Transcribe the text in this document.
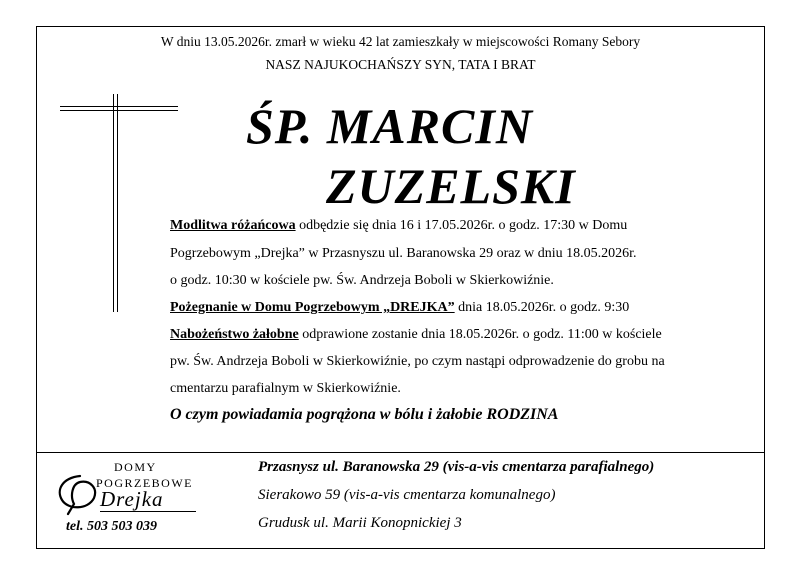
W dniu 13.05.2026r. zmarł w wieku 42 lat zamieszkały w miejscowości Romany Sebory
NASZ NAJUKOCHAŃSZY SYN, TATA I BRAT
ŚP. MARCIN
ZUZELSKI
Modlitwa różańcowa odbędzie się dnia 16 i 17.05.2026r. o godz. 17:30 w Domu
Pogrzebowym „Drejka” w Przasnyszu ul. Baranowska 29 oraz w dniu 18.05.2026r.
o godz. 10:30 w kościele pw. Św. Andrzeja Boboli w Skierkowiźnie.
Pożegnanie w Domu Pogrzebowym „DREJKA” dnia 18.05.2026r. o godz. 9:30
Nabożeństwo żałobne odprawione zostanie dnia 18.05.2026r. o godz. 11:00 w kościele
pw. Św. Andrzeja Boboli w Skierkowiźnie, po czym nastąpi odprowadzenie do grobu na
cmentarzu parafialnym w Skierkowiźnie.
O czym powiadamia pogrążona w bólu i żałobie RODZINA
DOMY
POGRZEBOWE
Drejka
tel. 503 503 039
Przasnysz ul. Baranowska 29 (vis-a-vis cmentarza parafialnego)
Sierakowo 59 (vis-a-vis cmentarza komunalnego)
Grudusk ul. Marii Konopnickiej 3
